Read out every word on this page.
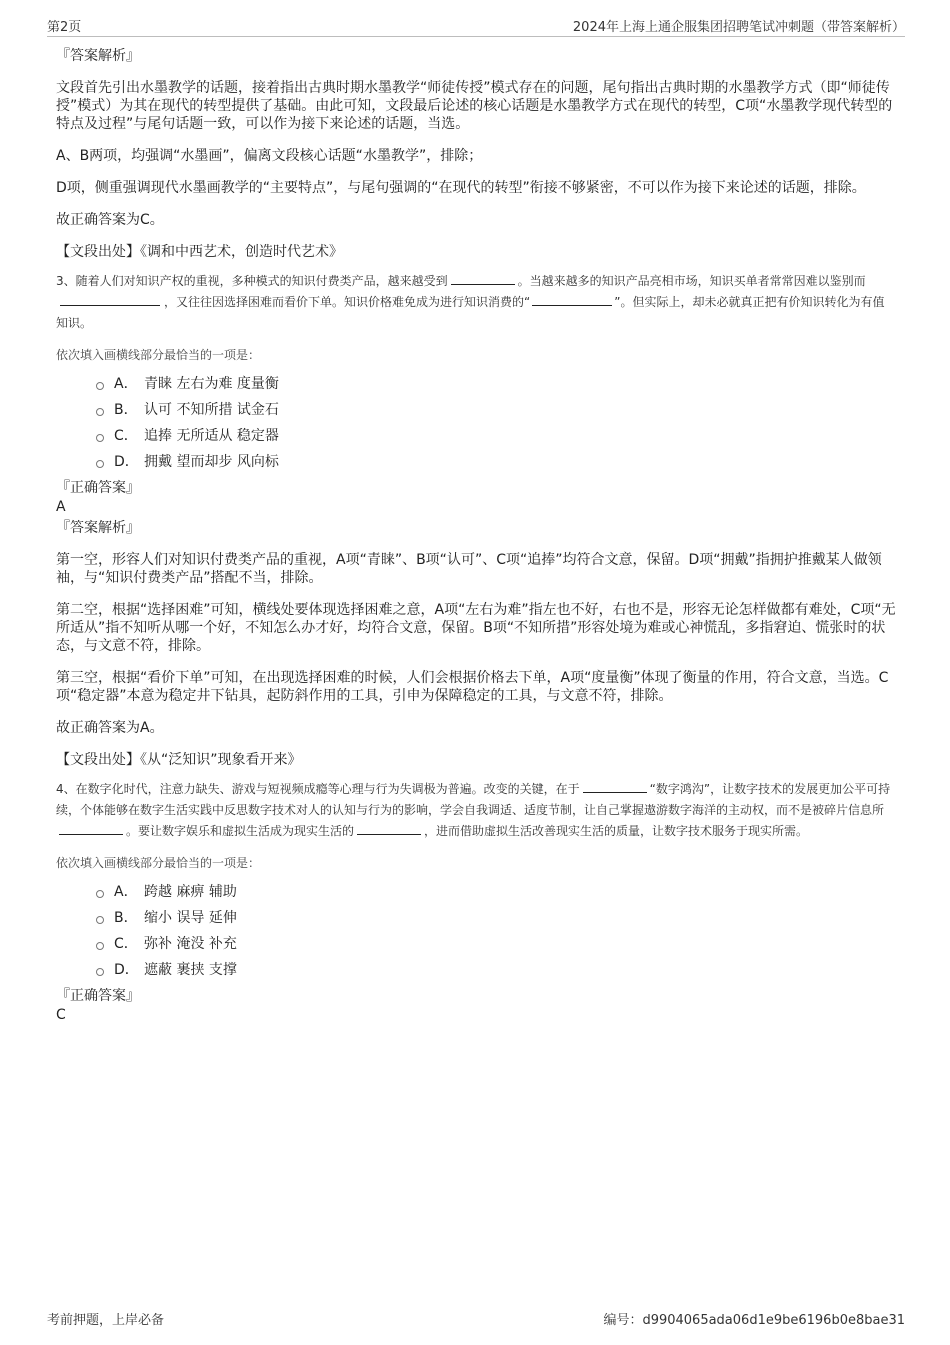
第2页	2024年上海上通企服集团招聘笔试冲刺题（带答案解析）

『答案解析』

文段首先引出水墨教学的话题，接着指出古典时期水墨教学“师徒传授”模式存在的问题，尾句指出古典时期的水墨教学方式（即“师徒传授”模式）为其在现代的转型提供了基础。由此可知，文段最后论述的核心话题是水墨教学方式在现代的转型，C项“水墨教学现代转型的特点及过程”与尾句话题一致，可以作为接下来论述的话题，当选。

A、B两项，均强调“水墨画”，偏离文段核心话题“水墨教学”，排除；

D项，侧重强调现代水墨画教学的“主要特点”，与尾句强调的“在现代的转型”衔接不够紧密，不可以作为接下来论述的话题，排除。

故正确答案为C。

【文段出处】《调和中西艺术，创造时代艺术》

3、随着人们对知识产权的重视，多种模式的知识付费类产品，越来越受到	。当越来越多的知识产品亮相市场，知识买单者常常因难以鉴别而，又往往因选择困难而看价下单。知识价格难免成为进行知识消费的“	”。但实际上，却未必就真正把有价知识转化为有值知识。

依次填入画横线部分最恰当的一项是：

A． 青睐 左右为难 度量衡
B． 认可 不知所措 试金石
C． 追捧 无所适从 稳定器
D． 拥戴 望而却步 风向标

『正确答案』

A

『答案解析』

第一空，形容人们对知识付费类产品的重视，A项“青睐”、B项“认可”、C项“追捧”均符合文意，保留。D项“拥戴”指拥护推戴某人做领袖，与“知识付费类产品”搭配不当，排除。

第二空，根据“选择困难”可知，横线处要体现选择困难之意，A项“左右为难”指左也不好，右也不是，形容无论怎样做都有难处，C项“无所适从”指不知听从哪一个好，不知怎么办才好，均符合文意，保留。B项“不知所措”形容处境为难或心神慌乱，多指窘迫、慌张时的状态，与文意不符，排除。

第三空，根据“看价下单”可知，在出现选择困难的时候，人们会根据价格去下单，A项“度量衡”体现了衡量的作用，符合文意，当选。C项“稳定器”本意为稳定井下钻具，起防斜作用的工具，引申为保障稳定的工具，与文意不符，排除。

故正确答案为A。

【文段出处】《从“泛知识”现象看开来》

4、在数字化时代，注意力缺失、游戏与短视频成瘾等心理与行为失调极为普遍。改变的关键，在于	“数字鸿沟”，让数字技术的发展更加公平可持续，个体能够在数字生活实践中反思数字技术对人的认知与行为的影响，学会自我调适、适度节制，让自己掌握遨游数字海洋的主动权，而不是被碎片信息所。要让数字娱乐和虚拟生活成为现实生活的	，进而借助虚拟生活改善现实生活的质量，让数字技术服务于现实所需。

依次填入画横线部分最恰当的一项是：

A． 跨越 麻痹 辅助
B． 缩小 误导 延伸
C． 弥补 淹没 补充
D． 遮蔽 裹挟 支撑

『正确答案』

C

考前押题，上岸必备	编号：d9904065ada06d1e9be6196b0e8bae31
